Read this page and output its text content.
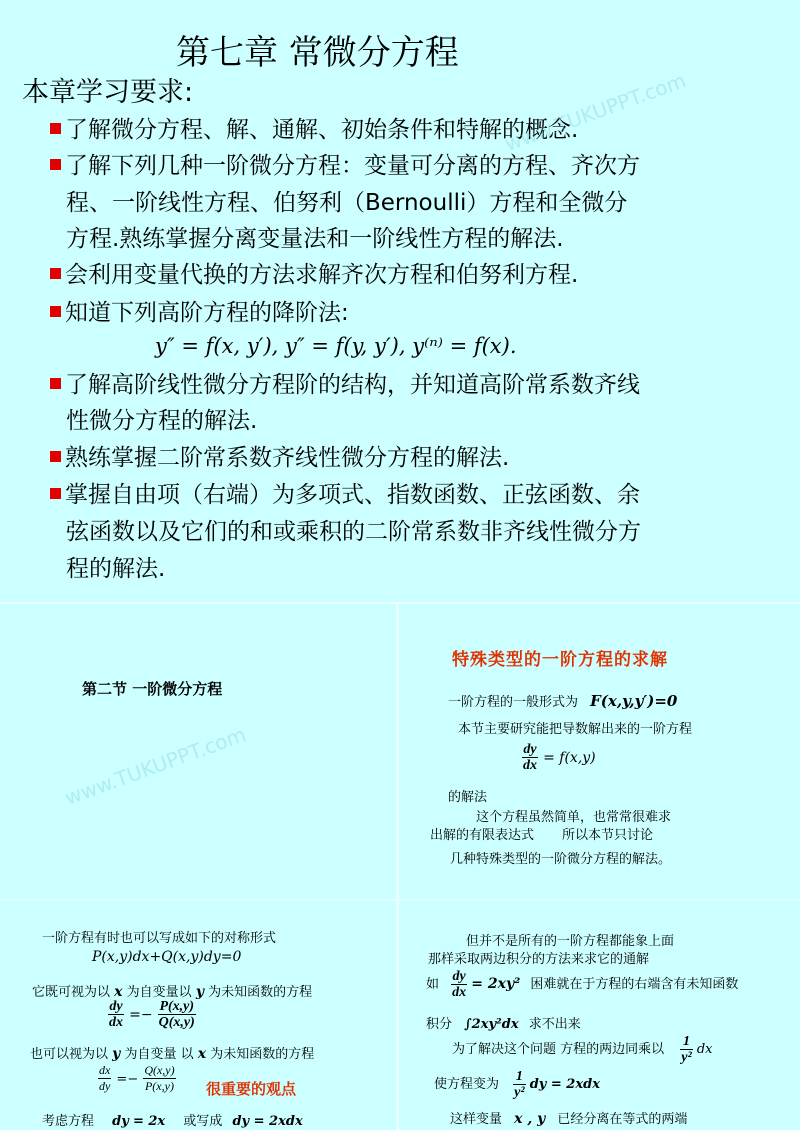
第七章 常微分方程
本章学习要求:
了解微分方程、解、通解、初始条件和特解的概念.
了解下列几种一阶微分方程：变量可分离的方程、齐次方
程、一阶线性方程、伯努利（Bernoulli）方程和全微分
方程.熟练掌握分离变量法和一阶线性方程的解法.
会利用变量代换的方法求解齐次方程和伯努利方程.
知道下列高阶方程的降阶法:
y″ = f(x, y′), y″ = f(y, y′), y⁽ⁿ⁾ = f(x).
了解高阶线性微分方程阶的结构，并知道高阶常系数齐线
性微分方程的解法.
熟练掌握二阶常系数齐线性微分方程的解法.
掌握自由项（右端）为多项式、指数函数、正弦函数、余
弦函数以及它们的和或乘积的二阶常系数非齐线性微分方
程的解法.
www.TUKUPPT.com
第二节 一阶微分方程
www.TUKUPPT.com
特殊类型的一阶方程的求解
一阶方程的一般形式为 F(x,y,y′)=0
本节主要研究能把导数解出来的一阶方程
$\frac{dy}{dx} = f(x,y)$
的解法
这个方程虽然简单，也常常很难求
出解的有限表达式 所以本节只讨论
几种特殊类型的一阶微分方程的解法。
一阶方程有时也可以写成如下的对称形式
P(x,y)dx+Q(x,y)dy=0
它既可视为以 x 为自变量以 y 为未知函数的方程
$\frac{dy}{dx} =- \frac{P(x,y)}{Q(x,y)}$
也可以视为以 y 为自变量 以 x 为未知函数的方程
$\frac{dx}{dy} =- \frac{Q(x,y)}{P(x,y)}$ 很重要的观点
考虑方程 dy = 2x 或写成 dy = 2xdx
但并不是所有的一阶方程都能象上面
那样采取两边积分的方法来求它的通解
如 $\frac{dy}{dx} = 2xy^2$ 困难就在于方程的右端含有未知函数
积分 ∫2xy²dx 求不出来
为了解决这个问题 方程的两边同乘以 $\frac{1}{\text{y²}}$ dx
使方程变为 $\frac{1}{\text{y²}}$ dy = 2xdx
这样变量 x , y 已经分离在等式的两端
